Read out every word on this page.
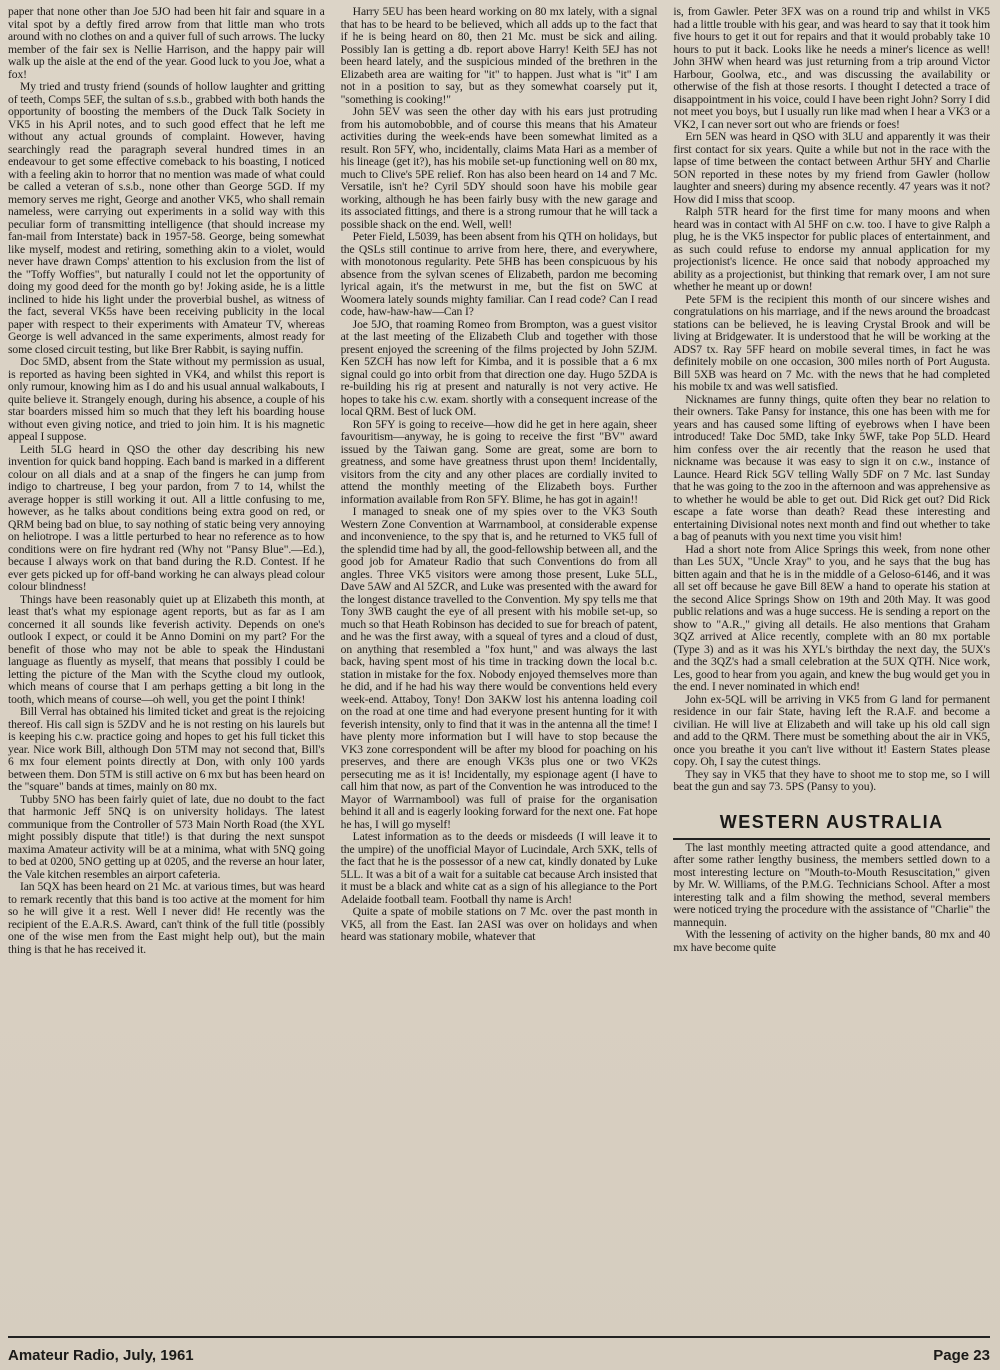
paper that none other than Joe 5JO had been hit fair and square in a vital spot by a deftly fired arrow from that little man who trots around with no clothes on and a quiver full of such arrows. The lucky member of the fair sex is Nellie Harrison, and the happy pair will walk up the aisle at the end of the year. Good luck to you Joe, what a fox!

My tried and trusty friend (sounds of hollow laughter and gritting of teeth, Comps 5EF, the sultan of s.s.b., grabbed with both hands the opportunity of boosting the members of the Duck Talk Society in VK5 in his April notes, and to such good effect that he left me without any actual grounds of complaint. However, having searchingly read the paragraph several hundred times in an endeavour to get some effective comeback to his boasting, I noticed with a feeling akin to horror that no mention was made of what could be called a veteran of s.s.b., none other than George 5GD. If my memory serves me right, George and another VK5, who shall remain nameless, were carrying out experiments in a solid way with this peculiar form of transmitting intelligence (that should increase my fan-mail from Interstate) back in 1957-58. George, being somewhat like myself, modest and retiring, something akin to a violet, would never have drawn Comps' attention to his exclusion from the list of the "Toffy Woffies", but naturally I could not let the opportunity of doing my good deed for the month go by! Joking aside, he is a little inclined to hide his light under the proverbial bushel, as witness of the fact, several VK5s have been receiving publicity in the local paper with respect to their experiments with Amateur TV, whereas George is well advanced in the same experiments, almost ready for some closed circuit testing, but like Brer Rabbit, is saying nuffin.

Doc 5MD, absent from the State without my permission as usual, is reported as having been sighted in VK4, and whilst this report is only rumour, knowing him as I do and his usual annual walkabouts, I quite believe it. Strangely enough, during his absence, a couple of his star boarders missed him so much that they left his boarding house without even giving notice, and tried to join him. It is his magnetic appeal I suppose.

Leith 5LG heard in QSO the other day describing his new invention for quick band hopping. Each band is marked in a different colour on all dials and at a snap of the fingers he can jump from indigo to chartreuse, I beg your pardon, from 7 to 14, whilst the average hopper is still working it out. All a little confusing to me, however, as he talks about conditions being extra good on red, or QRM being bad on blue, to say nothing of static being very annoying on heliotrope. I was a little perturbed to hear no reference as to how conditions were on fire hydrant red (Why not "Pansy Blue".—Ed.), because I always work on that band during the R.D. Contest. If he ever gets picked up for off-band working he can always plead colour colour blindness!

Things have been reasonably quiet up at Elizabeth this month, at least that's what my espionage agent reports, but as far as I am concerned it all sounds like feverish activity. Depends on one's outlook I expect, or could it be Anno Domini on my part? For the benefit of those who may not be able to speak the Hindustani language as fluently as myself, that means that possibly I could be letting the picture of the Man with the Scythe cloud my outlook, which means of course that I am perhaps getting a bit long in the tooth, which means of course—oh well, you get the point I think!

Bill Verral has obtained his limited ticket and great is the rejoicing thereof. His call sign is 5ZDV and he is not resting on his laurels but is keeping his c.w. practice going and hopes to get his full ticket this year. Nice work Bill, although Don 5TM may not second that, Bill's 6 mx four element points directly at Don, with only 100 yards between them. Don 5TM is still active on 6 mx but has been heard on the "square" bands at times, mainly on 80 mx.

Tubby 5NO has been fairly quiet of late, due no doubt to the fact that harmonic Jeff 5NQ is on university holidays. The latest communique from the Controller of 573 Main North Road (the XYL might possibly dispute that title!) is that during the next sunspot maxima Amateur activity will be at a minima, what with 5NQ going to bed at 0200, 5NO getting up at 0205, and the reverse an hour later, the Vale kitchen resembles an airport cafeteria.

Ian 5QX has been heard on 21 Mc. at various times, but was heard to remark recently that this band is too active at the moment for him so he will give it a rest. Well I never did! He recently was the recipient of the E.A.R.S. Award, can't think of the full title (possibly one of the wise men from the East might help out), but the main thing is that he has received it.

Harry 5EU has been heard working on 80 mx lately, with a signal that has to be heard to be believed, which all adds up to the fact that if he is being heard on 80, then 21 Mc. must be sick and ailing. Possibly Ian is getting a db. report above Harry! Keith 5EJ has not been heard lately, and the suspicious minded of the brethren in the Elizabeth area are waiting for "it" to happen. Just what is "it" I am not in a position to say, but as they somewhat coarsely put it, "something is cooking!"

John 5EV was seen the other day with his ears just protruding from his automobobble, and of course this means that his Amateur activities during the week-ends have been somewhat limited as a result. Ron 5FY, who, incidentally, claims Mata Hari as a member of his lineage (get it?), has his mobile set-up functioning well on 80 mx, much to Clive's 5PE relief. Ron has also been heard on 14 and 7 Mc. Versatile, isn't he? Cyril 5DY should soon have his mobile gear working, although he has been fairly busy with the new garage and its associated fittings, and there is a strong rumour that he will tack a possible shack on the end. Well, well!

Peter Field, L5039, has been absent from his QTH on holidays, but the QSLs still continue to arrive from here, there, and everywhere, with monotonous regularity. Pete 5HB has been conspicuous by his absence from the sylvan scenes of Elizabeth, pardon me becoming lyrical again, it's the metwurst in me, but the fist on 5WC at Woomera lately sounds mighty familiar. Can I read code? Can I read code, haw-haw-haw—Can I?

Joe 5JO, that roaming Romeo from Brompton, was a guest visitor at the last meeting of the Elizabeth Club and together with those present enjoyed the screening of the films projected by John 5ZJM. Ken 5ZCH has now left for Kimba, and it is possible that a 6 mx signal could go into orbit from that direction one day. Hugo 5ZDA is re-building his rig at present and naturally is not very active. He hopes to take his c.w. exam. shortly with a consequent increase of the local QRM. Best of luck OM.

Ron 5FY is going to receive—how did he get in here again, sheer favouritism—anyway, he is going to receive the first "BV" award issued by the Taiwan gang. Some are great, some are born to greatness, and some have greatness thrust upon them! Incidentally, visitors from the city and any other places are cordially invited to attend the monthly meeting of the Elizabeth boys. Further information available from Ron 5FY. Blime, he has got in again!!

I managed to sneak one of my spies over to the VK3 South Western Zone Convention at Warrnambool, at considerable expense and inconvenience, to the spy that is, and he returned to VK5 full of the splendid time had by all, the good-fellowship between all, and the good job for Amateur Radio that such Conventions do from all angles. Three VK5 visitors were among those present, Luke 5LL, Dave 5AW and Al 5ZCR, and Luke was presented with the award for the longest distance travelled to the Convention. My spy tells me that Tony 3WB caught the eye of all present with his mobile set-up, so much so that Heath Robinson has decided to sue for breach of patent, and he was the first away, with a squeal of tyres and a cloud of dust, on anything that resembled a "fox hunt," and was always the last back, having spent most of his time in tracking down the local b.c. station in mistake for the fox. Nobody enjoyed themselves more than he did, and if he had his way there would be conventions held every week-end. Attaboy, Tony! Don 3AKW lost his antenna loading coil on the road at one time and had everyone present hunting for it with feverish intensity, only to find that it was in the antenna all the time! I have plenty more information but I will have to stop because the VK3 zone correspondent will be after my blood for poaching on his preserves, and there are enough VK3s plus one or two VK2s persecuting me as it is! Incidentally, my espionage agent (I have to call him that now, as part of the Convention he was introduced to the Mayor of Warrnambool) was full of praise for the organisation behind it all and is eagerly looking forward for the next one. Fat hope he has, I will go myself!

Latest information as to the deeds or misdeeds (I will leave it to the umpire) of the unofficial Mayor of Lucindale, Arch 5XK, tells of the fact that he is the possessor of a new cat, kindly donated by Luke 5LL. It was a bit of a wait for a suitable cat because Arch insisted that it must be a black and white cat as a sign of his allegiance to the Port Adelaide football team. Football thy name is Arch!

Quite a spate of mobile stations on 7 Mc. over the past month in VK5, all from the East. Ian 2ASI was over on holidays and when heard was stationary mobile, whatever that

is, from Gawler. Peter 3FX was on a round trip and whilst in VK5 had a little trouble with his gear, and was heard to say that it took him five hours to get it out for repairs and that it would probably take 10 hours to put it back. Looks like he needs a miner's licence as well! John 3HW when heard was just returning from a trip around Victor Harbour, Goolwa, etc., and was discussing the availability or otherwise of the fish at those resorts. I thought I detected a trace of disappointment in his voice, could I have been right John? Sorry I did not meet you boys, but I usually run like mad when I hear a VK3 or a VK2, I can never sort out who are friends or foes!

Ern 5EN was heard in QSO with 3LU and apparently it was their first contact for six years. Quite a while but not in the race with the lapse of time between the contact between Arthur 5HY and Charlie 5ON reported in these notes by my friend from Gawler (hollow laughter and sneers) during my absence recently. 47 years was it not? How did I miss that scoop.

Ralph 5TR heard for the first time for many moons and when heard was in contact with Al 5HF on c.w. too. I have to give Ralph a plug, he is the VK5 inspector for public places of entertainment, and as such could refuse to endorse my annual application for my projectionist's licence. He once said that nobody approached my ability as a projectionist, but thinking that remark over, I am not sure whether he meant up or down!

Pete 5FM is the recipient this month of our sincere wishes and congratulations on his marriage, and if the news around the broadcast stations can be believed, he is leaving Crystal Brook and will be living at Bridgewater. It is understood that he will be working at the ADS7 tx. Ray 5FF heard on mobile several times, in fact he was definitely mobile on one occasion, 300 miles north of Port Augusta. Bill 5XB was heard on 7 Mc. with the news that he had completed his mobile tx and was well satisfied.

Nicknames are funny things, quite often they bear no relation to their owners. Take Pansy for instance, this one has been with me for years and has caused some lifting of eyebrows when I have been introduced! Take Doc 5MD, take Inky 5WF, take Pop 5LD. Heard him confess over the air recently that the reason he used that nickname was because it was easy to sign it on c.w., instance of Launce. Heard Rick 5GV telling Wally 5DF on 7 Mc. last Sunday that he was going to the zoo in the afternoon and was apprehensive as to whether he would be able to get out. Did Rick get out? Did Rick escape a fate worse than death? Read these interesting and entertaining Divisional notes next month and find out whether to take a bag of peanuts with you next time you visit him!

Had a short note from Alice Springs this week, from none other than Les 5UX, "Uncle Xray" to you, and he says that the bug has bitten again and that he is in the middle of a Geloso-6146, and it was all set off because he gave Bill 8EW a hand to operate his station at the second Alice Springs Show on 19th and 20th May. It was good public relations and was a huge success. He is sending a report on the show to "A.R.," giving all details. He also mentions that Graham 3QZ arrived at Alice recently, complete with an 80 mx portable (Type 3) and as it was his XYL's birthday the next day, the 5UX's and the 3QZ's had a small celebration at the 5UX QTH. Nice work, Les, good to hear from you again, and knew the bug would get you in the end. I never nominated in which end!

John ex-5QL will be arriving in VK5 from G land for permanent residence in our fair State, having left the R.A.F. and become a civilian. He will live at Elizabeth and will take up his old call sign and add to the QRM. There must be something about the air in VK5, once you breathe it you can't live without it! Eastern States please copy. Oh, I say the cutest things.

They say in VK5 that they have to shoot me to stop me, so I will beat the gun and say 73. 5PS (Pansy to you).

WESTERN AUSTRALIA

The last monthly meeting attracted quite a good attendance, and after some rather lengthy business, the members settled down to a most interesting lecture on "Mouth-to-Mouth Resuscitation," given by Mr. W. Williams, of the P.M.G. Technicians School. After a most interesting talk and a film showing the method, several members were noticed trying the procedure with the assistance of "Charlie" the mannequin.

With the lessening of activity on the higher bands, 80 mx and 40 mx have become quite

Amateur Radio, July, 1961	Page 23
